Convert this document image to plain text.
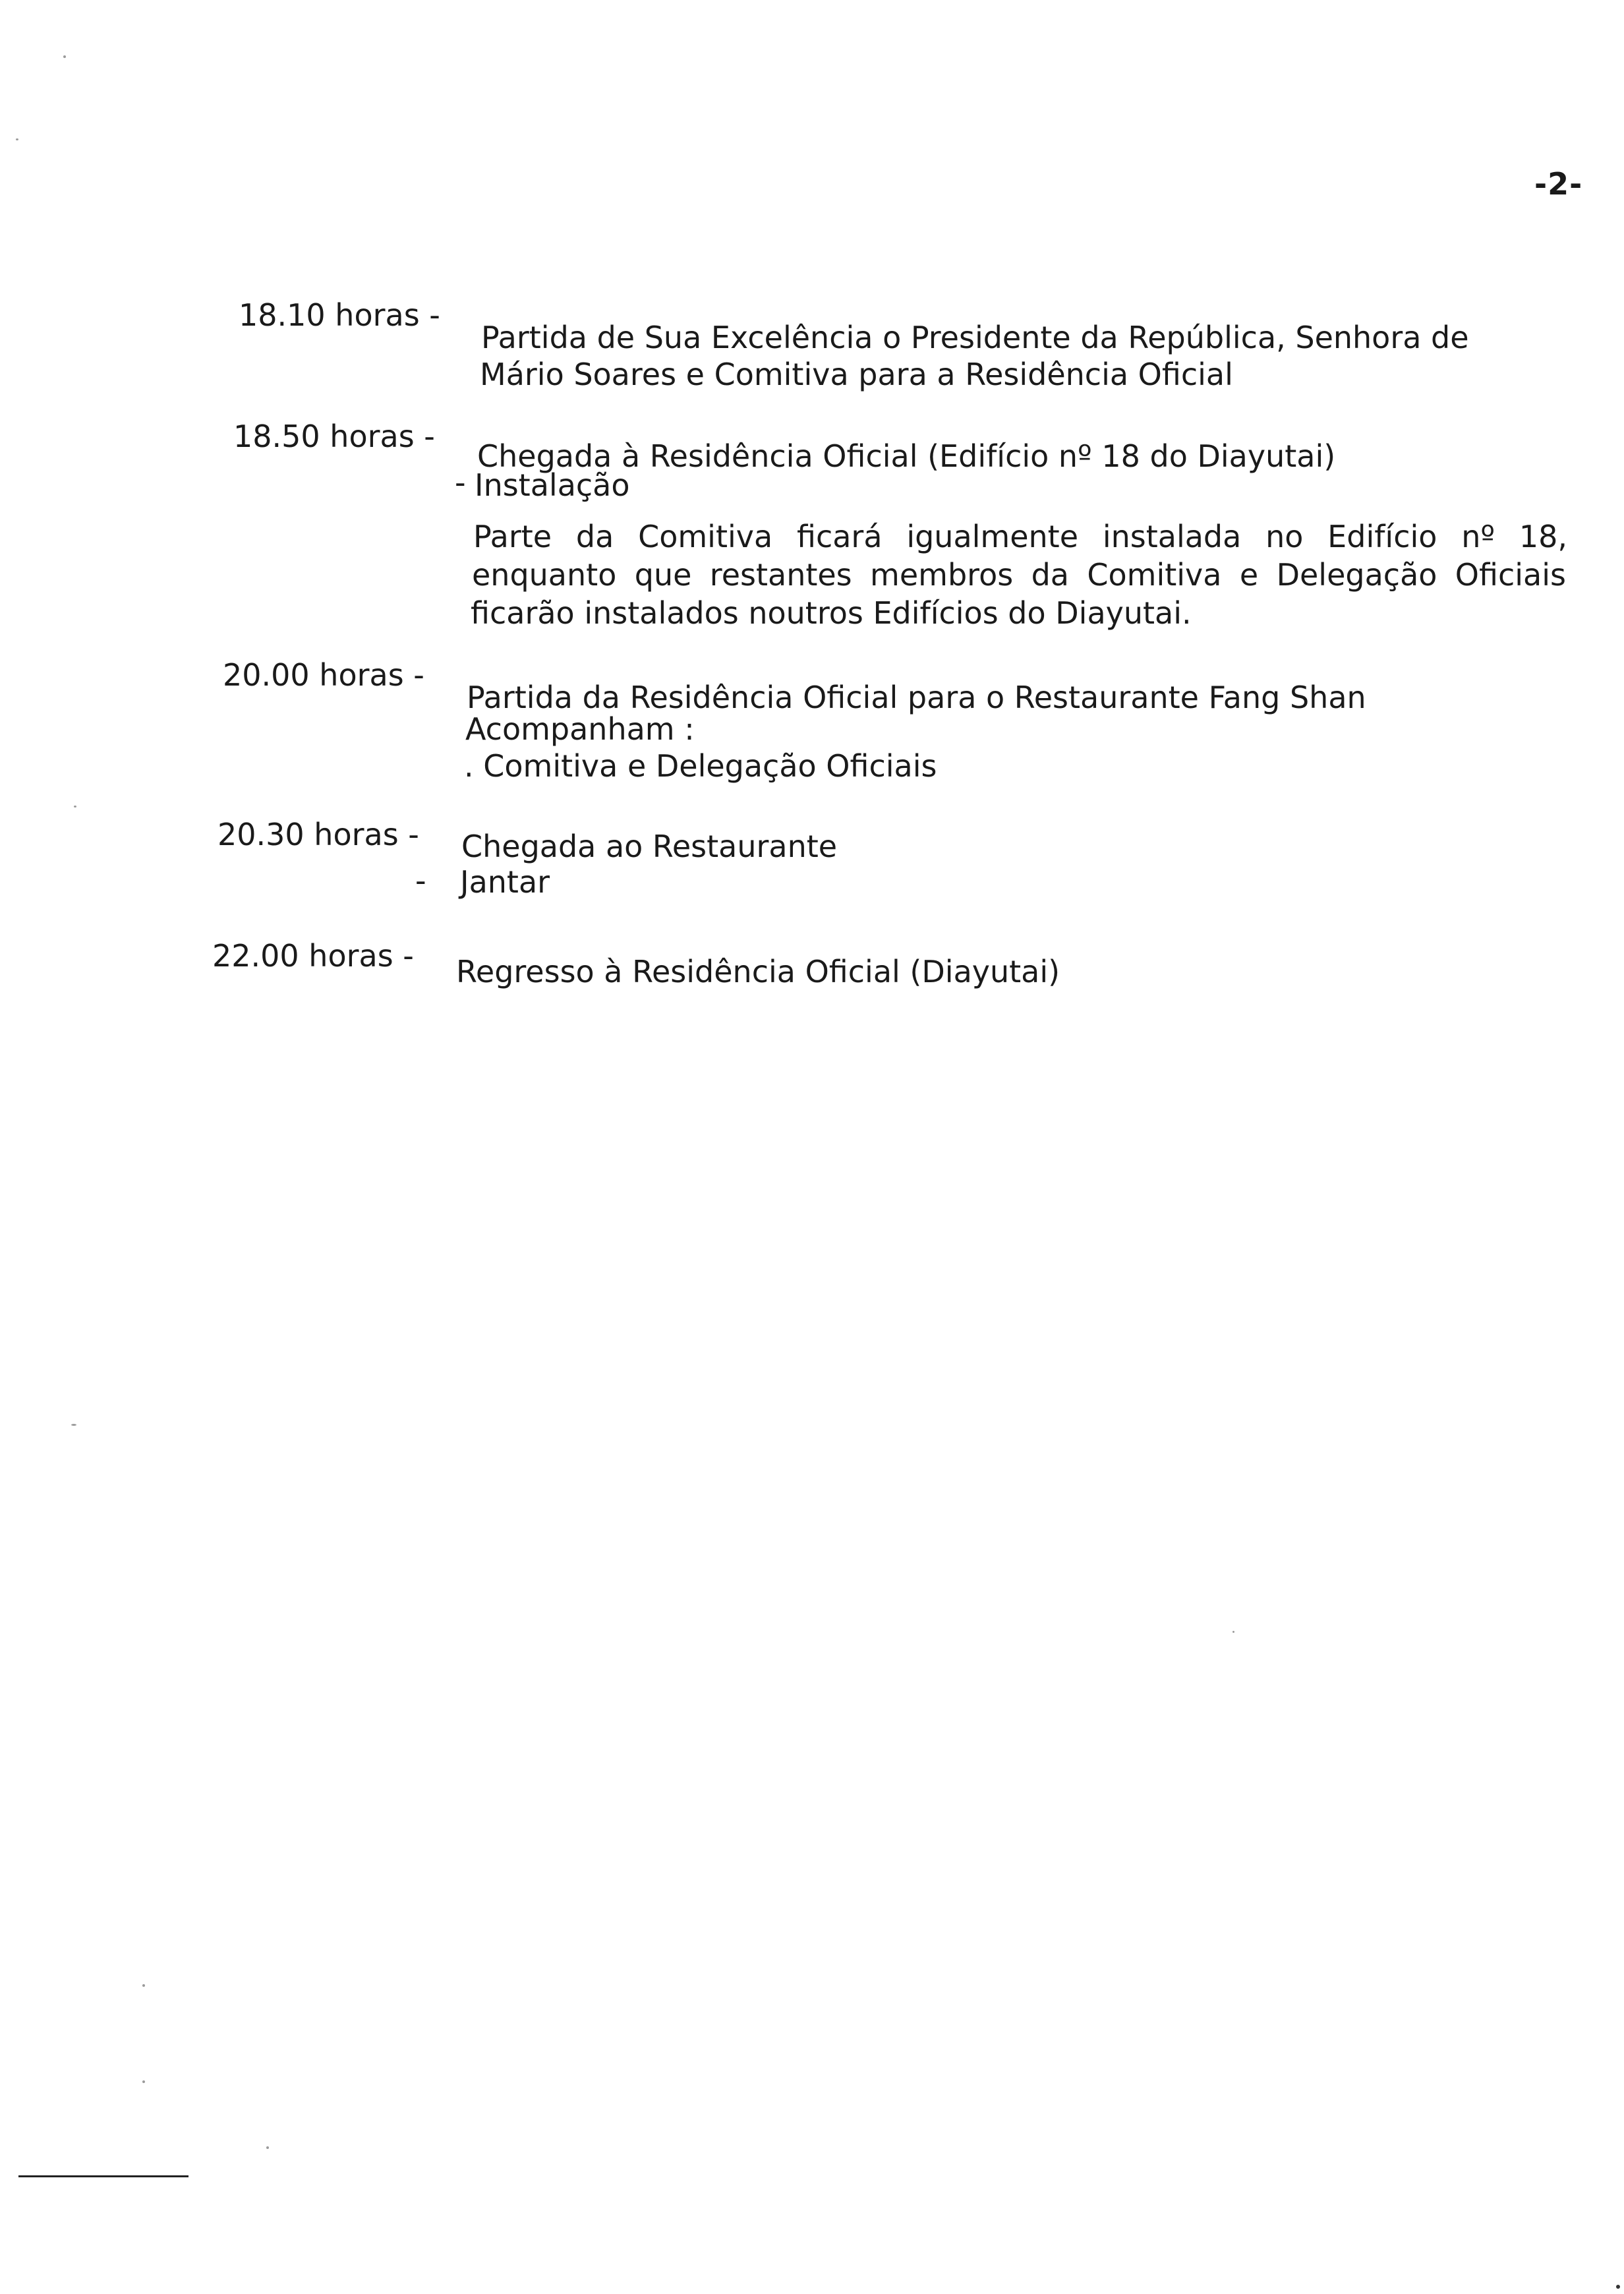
-2-
18.10 horas -
Partida de Sua Excelência o Presidente da República, Senhora de
Mário Soares e Comitiva para a Residência Oficial
18.50 horas -
Chegada à Residência Oficial (Edifício nº 18 do Diayutai)
- Instalação
Parte da Comitiva ficará igualmente instalada no Edifício nº 18,
enquanto que restantes membros da Comitiva e Delegação Oficiais
ficarão instalados noutros Edifícios do Diayutai.
20.00 horas -
Partida da Residência Oficial para o Restaurante Fang Shan
Acompanham :
. Comitiva e Delegação Oficiais
20.30 horas - Chegada ao Restaurante
- Jantar
22.00 horas - Regresso à Residência Oficial (Diayutai)
